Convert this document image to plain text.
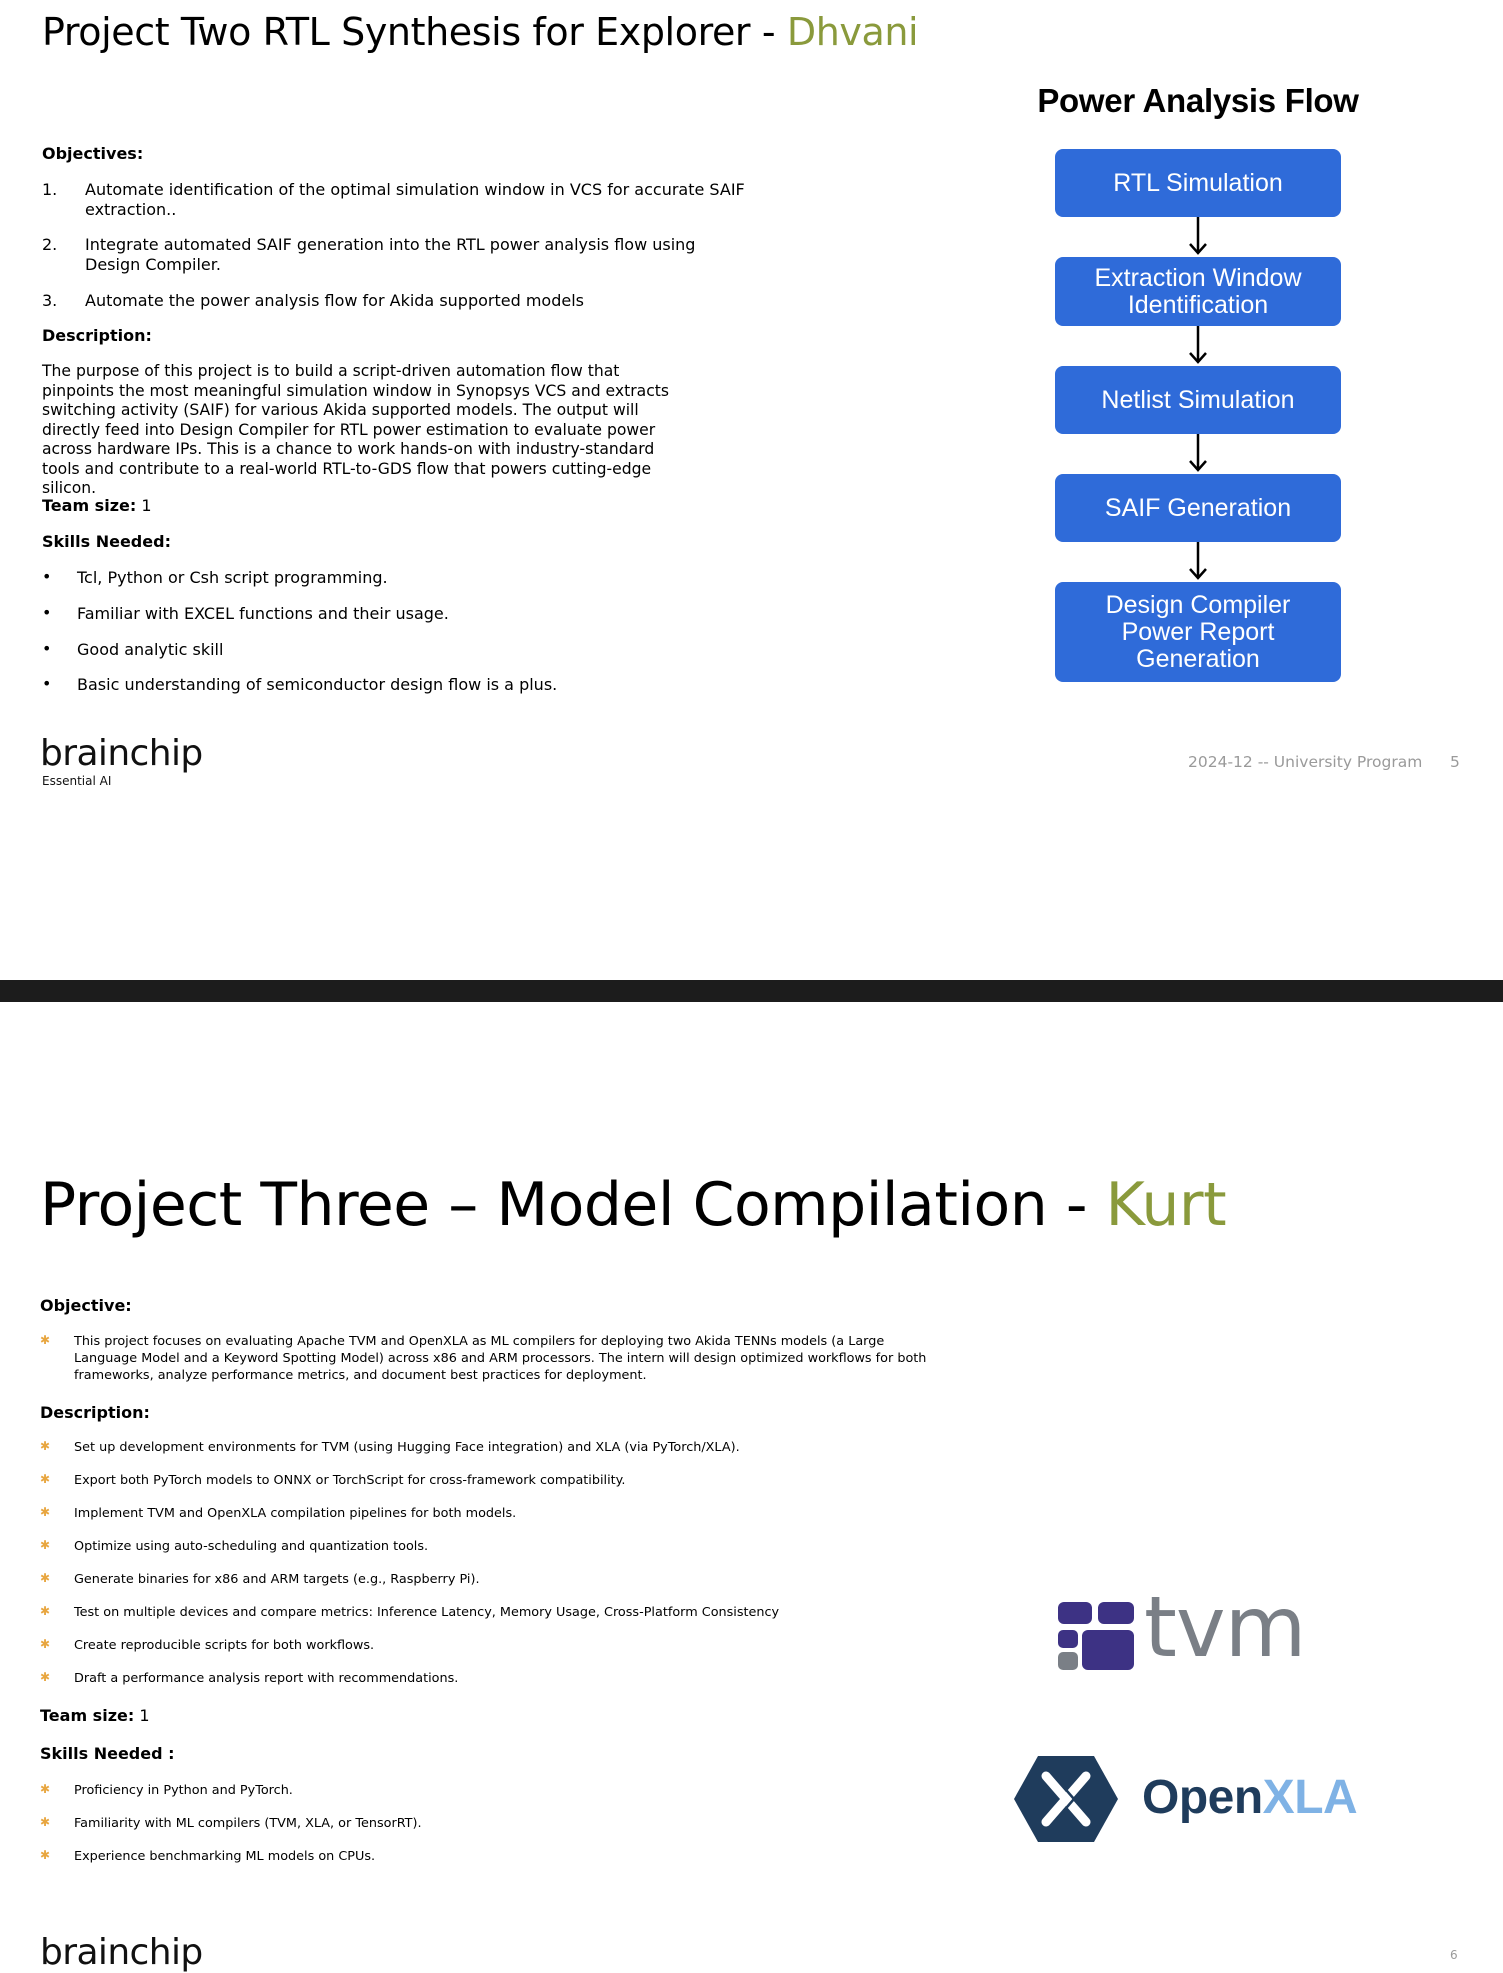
Project Two RTL Synthesis for Explorer - Dhvani
Objectives:
1. Automate identification of the optimal simulation window in VCS for accurate SAIF extraction..
2. Integrate automated SAIF generation into the RTL power analysis flow using Design Compiler.
3. Automate the power analysis flow for Akida supported models
Description:
The purpose of this project is to build a script-driven automation flow that pinpoints the most meaningful simulation window in Synopsys VCS and extracts switching activity (SAIF) for various Akida supported models. The output will directly feed into Design Compiler for RTL power estimation to evaluate power across hardware IPs. This is a chance to work hands-on with industry-standard tools and contribute to a real-world RTL-to-GDS flow that powers cutting-edge silicon.
Team size: 1
Skills Needed:
• Tcl, Python or Csh script programming.
• Familiar with EXCEL functions and their usage.
• Good analytic skill
• Basic understanding of semiconductor design flow is a plus.
Power Analysis Flow
RTL Simulation
Extraction Window Identification
Netlist Simulation
SAIF Generation
Design Compiler Power Report Generation
brainchip
Essential AI
2024-12 -- University Program 5
Project Three – Model Compilation - Kurt
Objective:
✱ This project focuses on evaluating Apache TVM and OpenXLA as ML compilers for deploying two Akida TENNs models (a Large Language Model and a Keyword Spotting Model) across x86 and ARM processors. The intern will design optimized workflows for both frameworks, analyze performance metrics, and document best practices for deployment.
Description:
✱ Set up development environments for TVM (using Hugging Face integration) and XLA (via PyTorch/XLA).
✱ Export both PyTorch models to ONNX or TorchScript for cross-framework compatibility.
✱ Implement TVM and OpenXLA compilation pipelines for both models.
✱ Optimize using auto-scheduling and quantization tools.
✱ Generate binaries for x86 and ARM targets (e.g., Raspberry Pi).
✱ Test on multiple devices and compare metrics: Inference Latency, Memory Usage, Cross-Platform Consistency
✱ Create reproducible scripts for both workflows.
✱ Draft a performance analysis report with recommendations.
Team size: 1
Skills Needed :
✱ Proficiency in Python and PyTorch.
✱ Familiarity with ML compilers (TVM, XLA, or TensorRT).
✱ Experience benchmarking ML models on CPUs.
tvm
OpenXLA
brainchip	6
